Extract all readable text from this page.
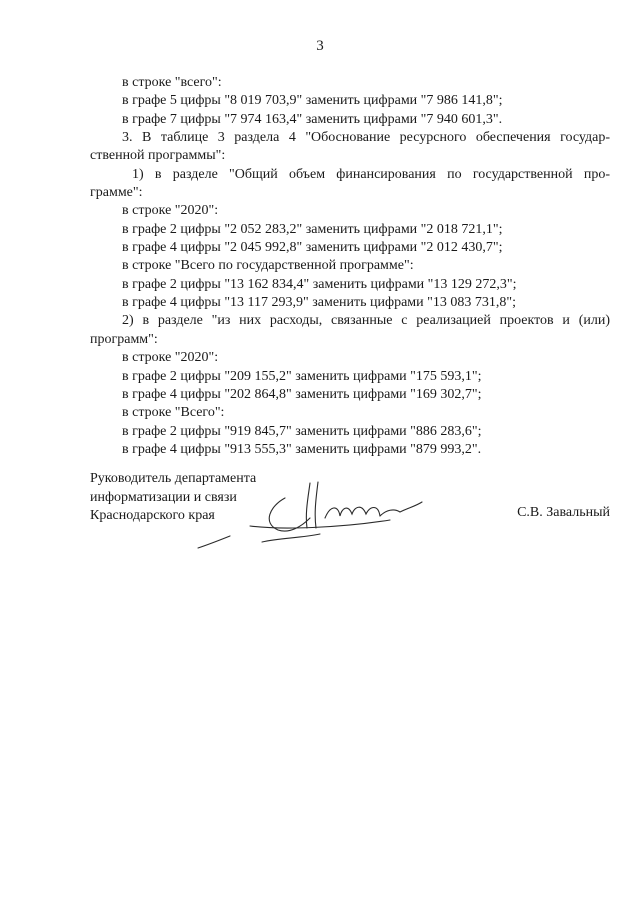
3
в строке "всего":
в графе 5 цифры "8 019 703,9" заменить цифрами "7 986 141,8";
в графе 7 цифры "7 974 163,4" заменить цифрами "7 940 601,3".
3. В таблице 3 раздела 4 "Обоснование ресурсного обеспечения государ-
ственной программы":
1) в разделе "Общий объем финансирования по государственной про-
грамме":
в строке "2020":
в графе 2 цифры "2 052 283,2" заменить цифрами "2 018 721,1";
в графе 4 цифры "2 045 992,8" заменить цифрами "2 012 430,7";
в строке "Всего по государственной программе":
в графе 2 цифры "13 162 834,4" заменить цифрами "13 129 272,3";
в графе 4 цифры "13 117 293,9" заменить цифрами "13 083 731,8";
2) в разделе "из них расходы, связанные с реализацией проектов и (или)
программ":
в строке "2020":
в графе 2 цифры "209 155,2" заменить цифрами "175 593,1";
в графе 4 цифры "202 864,8" заменить цифрами "169 302,7";
в строке "Всего":
в графе 2 цифры "919 845,7" заменить цифрами "886 283,6";
в графе 4 цифры "913 555,3" заменить цифрами "879 993,2".
Руководитель департамента
информатизации и связи
Краснодарского края	С.В. Завальный
